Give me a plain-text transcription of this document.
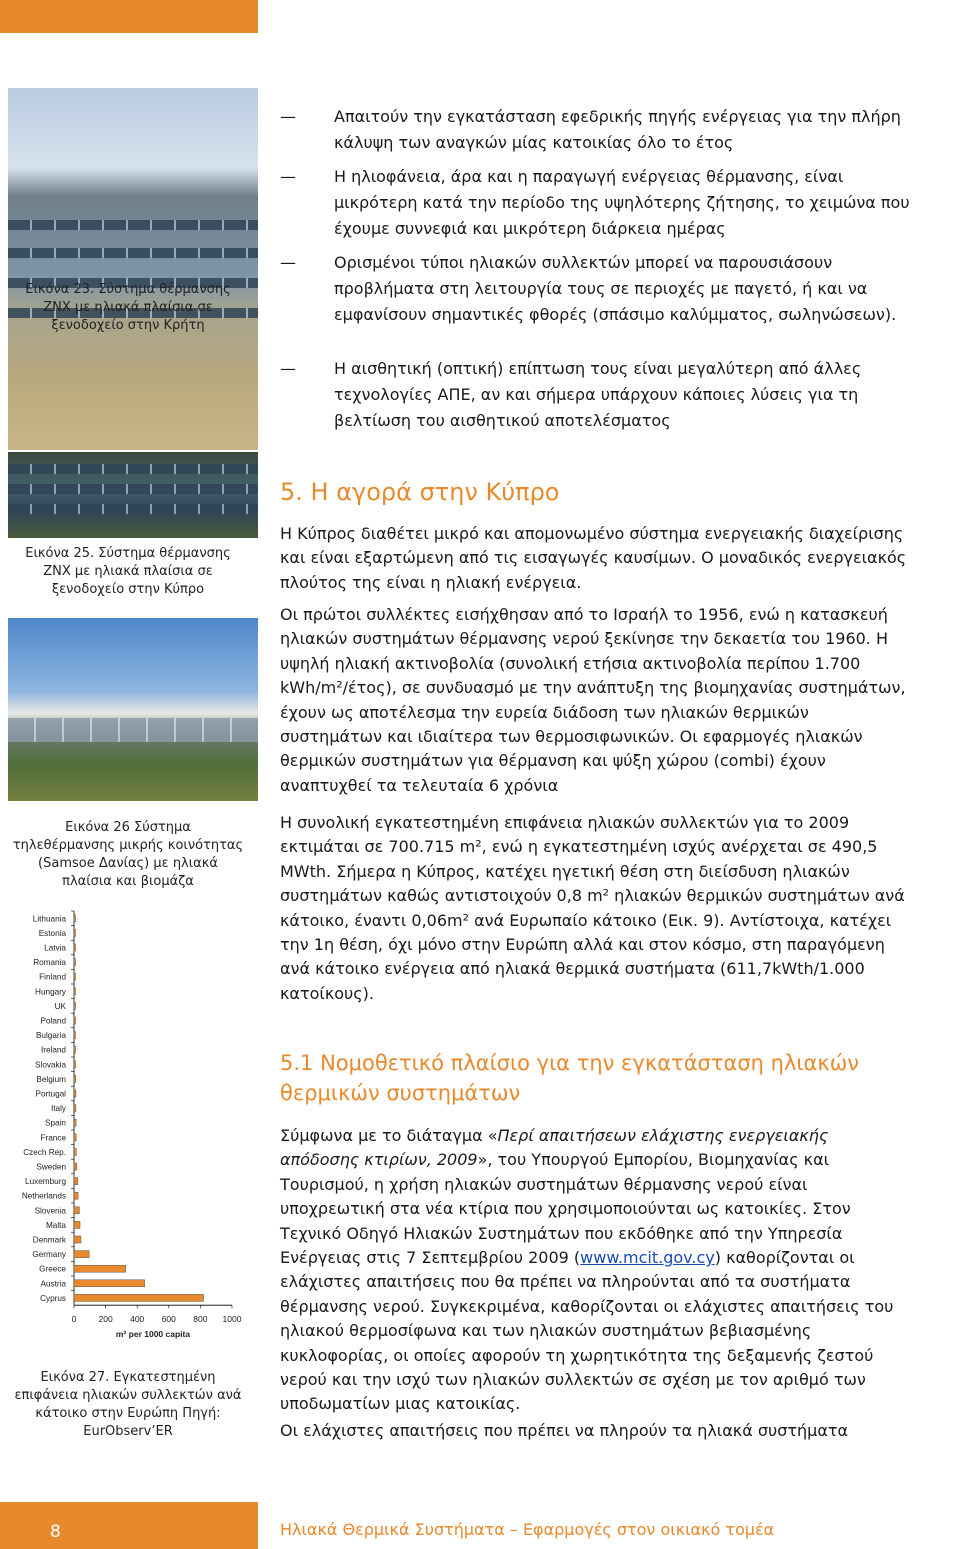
Εικόνα 23. Σύστημα θέρμανσης ΖΝΧ με ηλιακά πλαίσια σε ξενοδοχείο στην Κρήτη
Εικόνα 25. Σύστημα θέρμανσης ΖΝΧ με ηλιακά πλαίσια σε ξενοδοχείο στην Κύπρο
Εικόνα 26 Σύστημα τηλεθέρμανσης μικρής κοινότητας (Samsoe Δανίας) με ηλιακά πλαίσια και βιομάζα
Lithuania
Estonia
Latvia
Romania
Finland
Hungary
UK
Poland
Bulgaria
Ireland
Slovakia
Belgium
Portugal
Italy
Spain
France
Czech Rep.
Sweden
Luxemburg
Netherlands
Slovenia
Malta
Denmark
Germany
Greece
Austria
Cyprus
0	200 400 600 800 1000
m² per 1000 capita
Εικόνα 27. Εγκατεστημένη επιφάνεια ηλιακών συλλεκτών ανά κάτοικο στην Ευρώπη Πηγή: EurObserv’ER
8
— Απαιτούν την εγκατάσταση εφεδρικής πηγής ενέργειας για την πλήρη κάλυψη των αναγκών μίας κατοικίας όλο το έτος
— Η ηλιοφάνεια, άρα και η παραγωγή ενέργειας θέρμανσης, είναι μικρότερη κατά την περίοδο της υψηλότερης ζήτησης, το χειμώνα που έχουμε συννεφιά και μικρότερη διάρκεια ημέρας
— Ορισμένοι τύποι ηλιακών συλλεκτών μπορεί να παρουσιάσουν προβλήματα στη λειτουργία τους σε περιοχές με παγετό, ή και να εμφανίσουν σημαντικές φθορές (σπάσιμο καλύμματος, σωληνώσεων).
— Η αισθητική (οπτική) επίπτωση τους είναι μεγαλύτερη από άλλες τεχνολογίες ΑΠΕ, αν και σήμερα υπάρχουν κάποιες λύσεις για τη βελτίωση του αισθητικού αποτελέσματος
5. Η αγορά στην Κύπρο
Η Κύπρος διαθέτει μικρό και απομονωμένο σύστημα ενεργειακής διαχείρισης και είναι εξαρτώμενη από τις εισαγωγές καυσίμων. Ο μοναδικός ενεργειακός πλούτος της είναι η ηλιακή ενέργεια.
Οι πρώτοι συλλέκτες εισήχθησαν από το Ισραήλ το 1956, ενώ η κατασκευή ηλιακών συστημάτων θέρμανσης νερού ξεκίνησε την δεκαετία του 1960. Η υψηλή ηλιακή ακτινοβολία (συνολική ετήσια ακτινοβολία περίπου 1.700 kWh/m²/έτος), σε συνδυασμό με την ανάπτυξη της βιομηχανίας συστημάτων, έχουν ως αποτέλεσμα την ευρεία διάδοση των ηλιακών θερμικών συστημάτων και ιδιαίτερα των θερμοσιφωνικών. Οι εφαρμογές ηλιακών θερμικών συστημάτων για θέρμανση και ψύξη χώρου (combi) έχουν αναπτυχθεί τα τελευταία 6 χρόνια
Η συνολική εγκατεστημένη επιφάνεια ηλιακών συλλεκτών για το 2009 εκτιμάται σε 700.715 m², ενώ η εγκατεστημένη ισχύς ανέρχεται σε 490,5 MWth. Σήμερα η Κύπρος, κατέχει ηγετική θέση στη διείσδυση ηλιακών συστημάτων καθώς αντιστοιχούν 0,8 m² ηλιακών θερμικών συστημάτων ανά κάτοικο, έναντι 0,06m² ανά Ευρωπαίο κάτοικο (Εικ. 9). Αντίστοιχα, κατέχει την 1η θέση, όχι μόνο στην Ευρώπη αλλά και στον κόσμο, στη παραγόμενη ανά κάτοικο ενέργεια από ηλιακά θερμικά συστήματα (611,7kWth/1.000 κατοίκους).
5.1 Νομοθετικό πλαίσιο για την εγκατάσταση ηλιακών θερμικών συστημάτων
Σύμφωνα με το διάταγμα «Περί απαιτήσεων ελάχιστης ενεργειακής απόδοσης κτιρίων, 2009», του Υπουργού Εμπορίου, Βιομηχανίας και Τουρισμού, η χρήση ηλιακών συστημάτων θέρμανσης νερού είναι υποχρεωτική στα νέα κτίρια που χρησιμοποιούνται ως κατοικίες. Στον Τεχνικό Οδηγό Ηλιακών Συστημάτων που εκδόθηκε από την Υπηρεσία Ενέργειας στις 7 Σεπτεμβρίου 2009 (www.mcit.gov.cy) καθορίζονται οι ελάχιστες απαιτήσεις που θα πρέπει να πληρούνται από τα συστήματα θέρμανσης νερού. Συγκεκριμένα, καθορίζονται οι ελάχιστες απαιτήσεις του ηλιακού θερμοσίφωνα και των ηλιακών συστημάτων βεβιασμένης κυκλοφορίας, οι οποίες αφορούν τη χωρητικότητα της δεξαμενής ζεστού νερού και την ισχύ των ηλιακών συλλεκτών σε σχέση με τον αριθμό των υποδωματίων μιας κατοικίας.
Οι ελάχιστες απαιτήσεις που πρέπει να πληρούν τα ηλιακά συστήματα
Ηλιακά Θερμικά Συστήματα – Εφαρμογές στον οικιακό τομέα
